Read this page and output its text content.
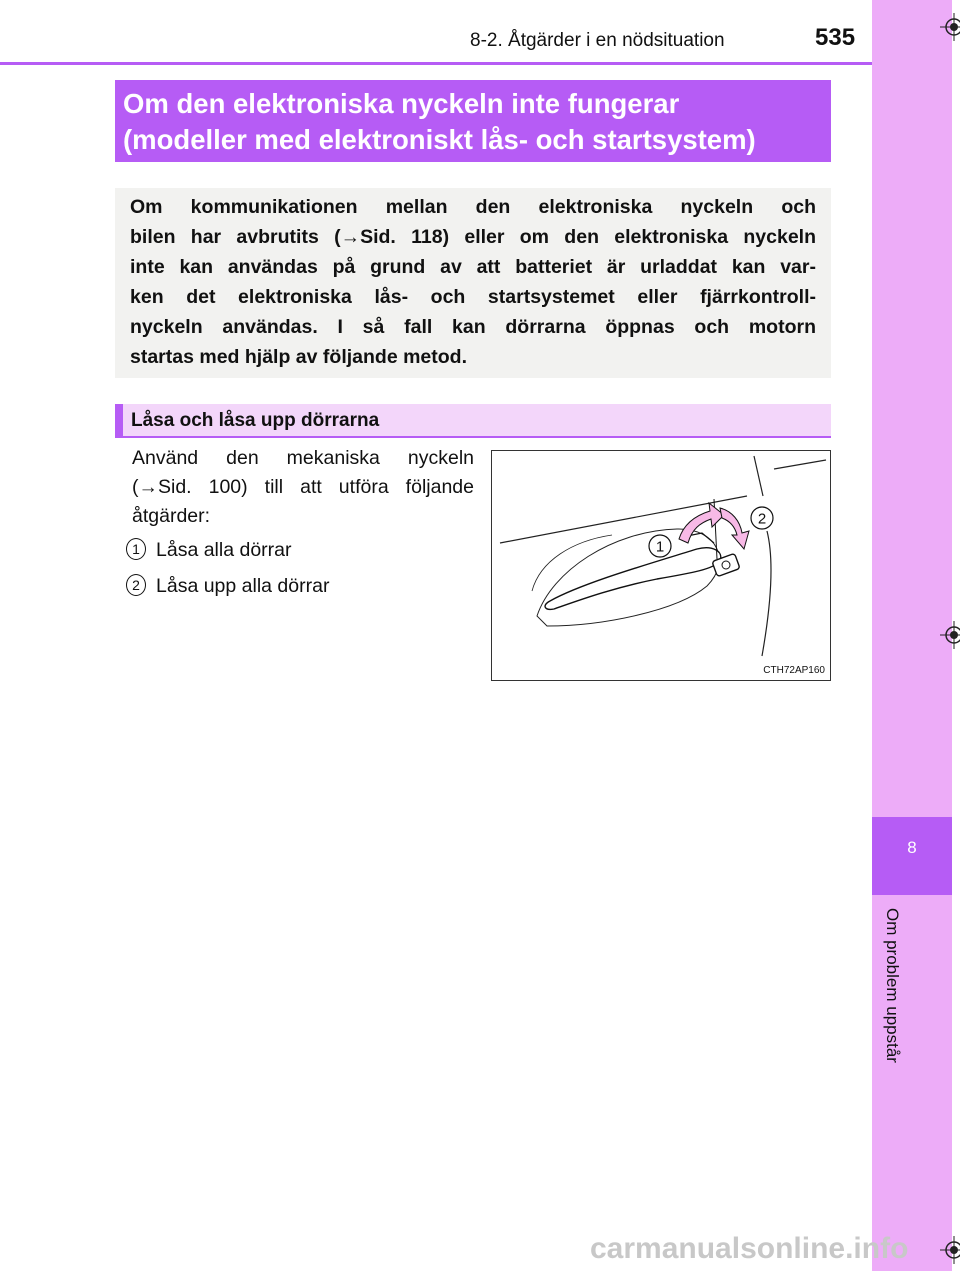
8-2. Åtgärder i en nödsituation	535
8
Om problem uppstår
Om den elektroniska nyckeln inte fungerar
(modeller med elektroniskt lås- och startsystem)
Om kommunikationen mellan den elektroniska nyckeln och
bilen har avbrutits (→Sid. 118) eller om den elektroniska nyckeln
inte kan användas på grund av att batteriet är urladdat kan var-
ken det elektroniska lås- och startsystemet eller fjärrkontroll-
nyckeln användas. I så fall kan dörrarna öppnas och motorn
startas med hjälp av följande metod.
Låsa och låsa upp dörrarna
Använd den mekaniska nyckeln
(→Sid. 100) till att utföra följande
åtgärder:
1 Låsa alla dörrar
2 Låsa upp alla dörrar
1
2
CTH72AP160
carmanualsonline.info
